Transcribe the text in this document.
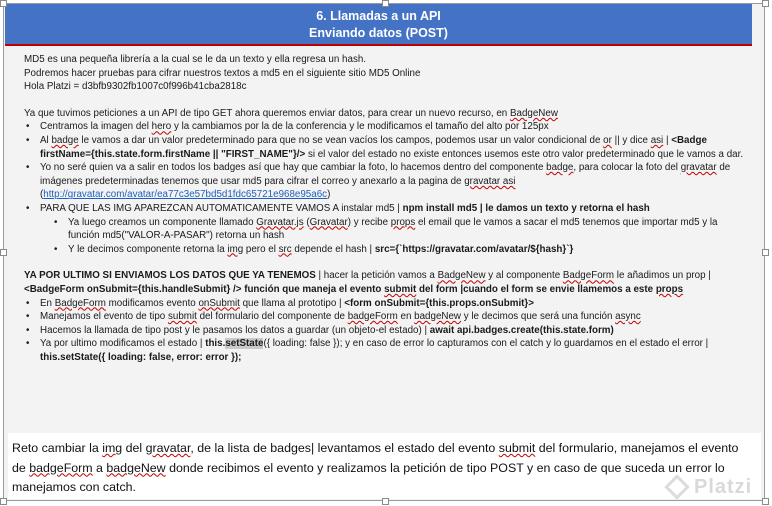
6. Llamadas a un API
Enviando datos (POST)

MD5 es una pequeña librería a la cual se le da un texto y ella regresa un hash.

Podremos hacer pruebas para cifrar nuestros textos a md5 en el siguiente sitio MD5 Online

Hola Platzi = d3bfb9302fb1007c0f996b41cba2818c

Ya que tuvimos peticiones a un API de tipo GET ahora queremos enviar datos, para crear un nuevo recurso, en BadgeNew

• Centramos la imagen del hero y la cambiamos por la de la conferencia y le modificamos el tamaño del alto por 125px
• Al badge le vamos a dar un valor predeterminado para que no se vean vacíos los campos, podemos usar un valor condicional de or || y dice asi | <Badge firstName={this.state.form.firstName || "FIRST_NAME"}/> si el valor del estado no existe entonces usemos este otro valor predeterminado que le vamos a dar.
• Yo no seré quien va a salir en todos los badges así que hay que cambiar la foto, lo hacemos dentro del componente badge, para colocar la foto del gravatar de imágenes predeterminadas tenemos que usar md5 para cifrar el correo y anexarlo a la pagina de gravatar asi (http://gravatar.com/avatar/ea77c3e57bd5d1fdc65721e968e95a6c)
• PARA QUE LAS IMG APAREZCAN AUTOMATICAMENTE VAMOS A instalar md5 | npm install md5 | le damos un texto y retorna el hash
• Ya luego creamos un componente llamado Gravatar.js (Gravatar) y recibe props el email que le vamos a sacar el md5 tenemos que importar md5 y la función md5("VALOR-A-PASAR") retorna un hash
• Y le decimos componente retorna la img pero el src depende el hash | src={`https://gravatar.com/avatar/${hash}`}

YA POR ULTIMO SI ENVIAMOS LOS DATOS QUE YA TENEMOS | hacer la petición vamos a BadgeNew y al componente BadgeForm le añadimos un prop | <BadgeForm onSubmit={this.handleSubmit} /> función que maneja el evento submit del form |cuando el form se envie llamemos a este props

• En BadgeForm modificamos evento onSubmit que llama al prototipo | <form onSubmit={this.props.onSubmit}>
• Manejamos el evento de tipo submit del formulario del componente de badgeForm en badgeNew y le decimos que será una función async
• Hacemos la llamada de tipo post y le pasamos los datos a guardar (un objeto-el estado) | await api.badges.create(this.state.form)
• Ya por ultimo modificamos el estado | this.setState({ loading: false }); y en caso de error lo capturamos con el catch y lo guardamos en el estado el error | this.setState({ loading: false, error: error });
Reto cambiar la img del gravatar, de la lista de badges| levantamos el estado del evento submit del formulario, manejamos el evento de badgeForm a badgeNew donde recibimos el evento y realizamos la petición de tipo POST y en caso de que suceda un error lo manejamos con catch.	Platzi
